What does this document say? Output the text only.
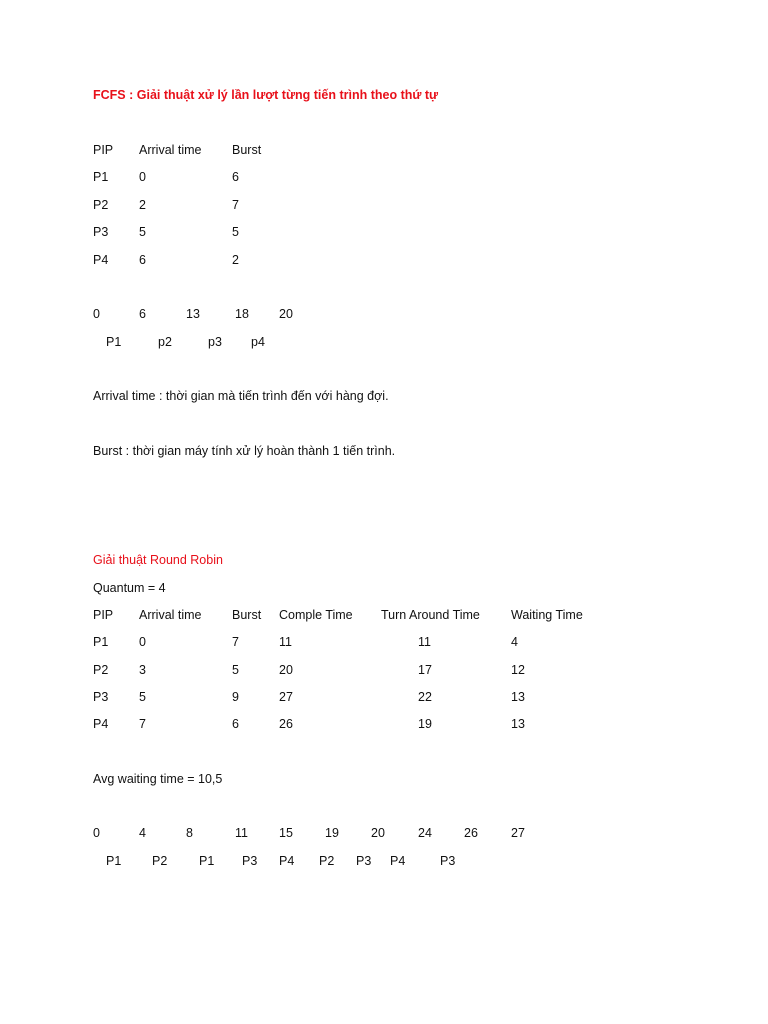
FCFS : Giải thuật xử lý lần lượt từng tiến trình theo thứ tự
PIP Arrival time Burst
P1 0	6
P2 2	7
P3 5	5
P4 6	2
0	6	13	18 20
P1	p2	p3 p4
Arrival time : thời gian mà tiến trình đến với hàng đợi.
Burst : thời gian máy tính xử lý hoàn thành 1 tiến trình.
Giải thuật Round Robin
Quantum = 4
PIP Arrival time Burst Comple Time Turn Around Time Waiting Time
P1 0	7	11	11	4
P2 3	5	20	17	12
P3 5	9	27	22	13
P4 7	6	26	19	13
Avg waiting time = 10,5
0	4	8	11 15	19	20	24	26	27
P1 P2	P1 P3 P4 P2 P3 P4	P3
